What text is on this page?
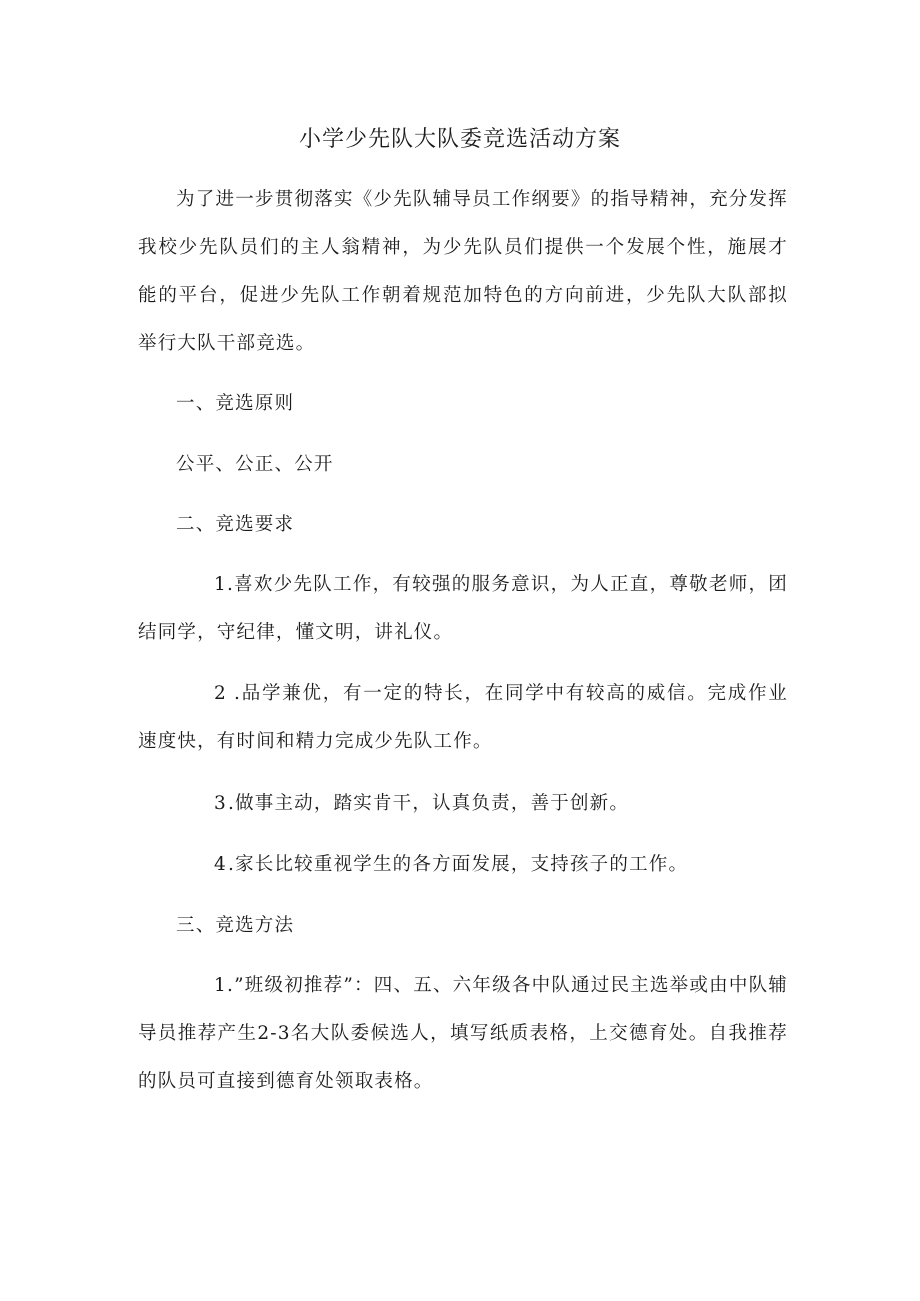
小学少先队大队委竞选活动方案

为了进一步贯彻落实《少先队辅导员工作纲要》的指导精神，充分发挥我校少先队员们的主人翁精神，为少先队员们提供一个发展个性，施展才能的平台，促进少先队工作朝着规范加特色的方向前进，少先队大队部拟举行大队干部竞选。

一、竞选原则

公平、公正、公开

二、竞选要求

1.喜欢少先队工作，有较强的服务意识，为人正直，尊敬老师，团结同学，守纪律，懂文明，讲礼仪。

2 .品学兼优，有一定的特长，在同学中有较高的威信。完成作业速度快，有时间和精力完成少先队工作。

3.做事主动，踏实肯干，认真负责，善于创新。

4.家长比较重视学生的各方面发展，支持孩子的工作。

三、竞选方法

1.”班级初推荐”：四、五、六年级各中队通过民主选举或由中队辅导员推荐产生2-3名大队委候选人，填写纸质表格，上交德育处。自我推荐的队员可直接到德育处领取表格。
